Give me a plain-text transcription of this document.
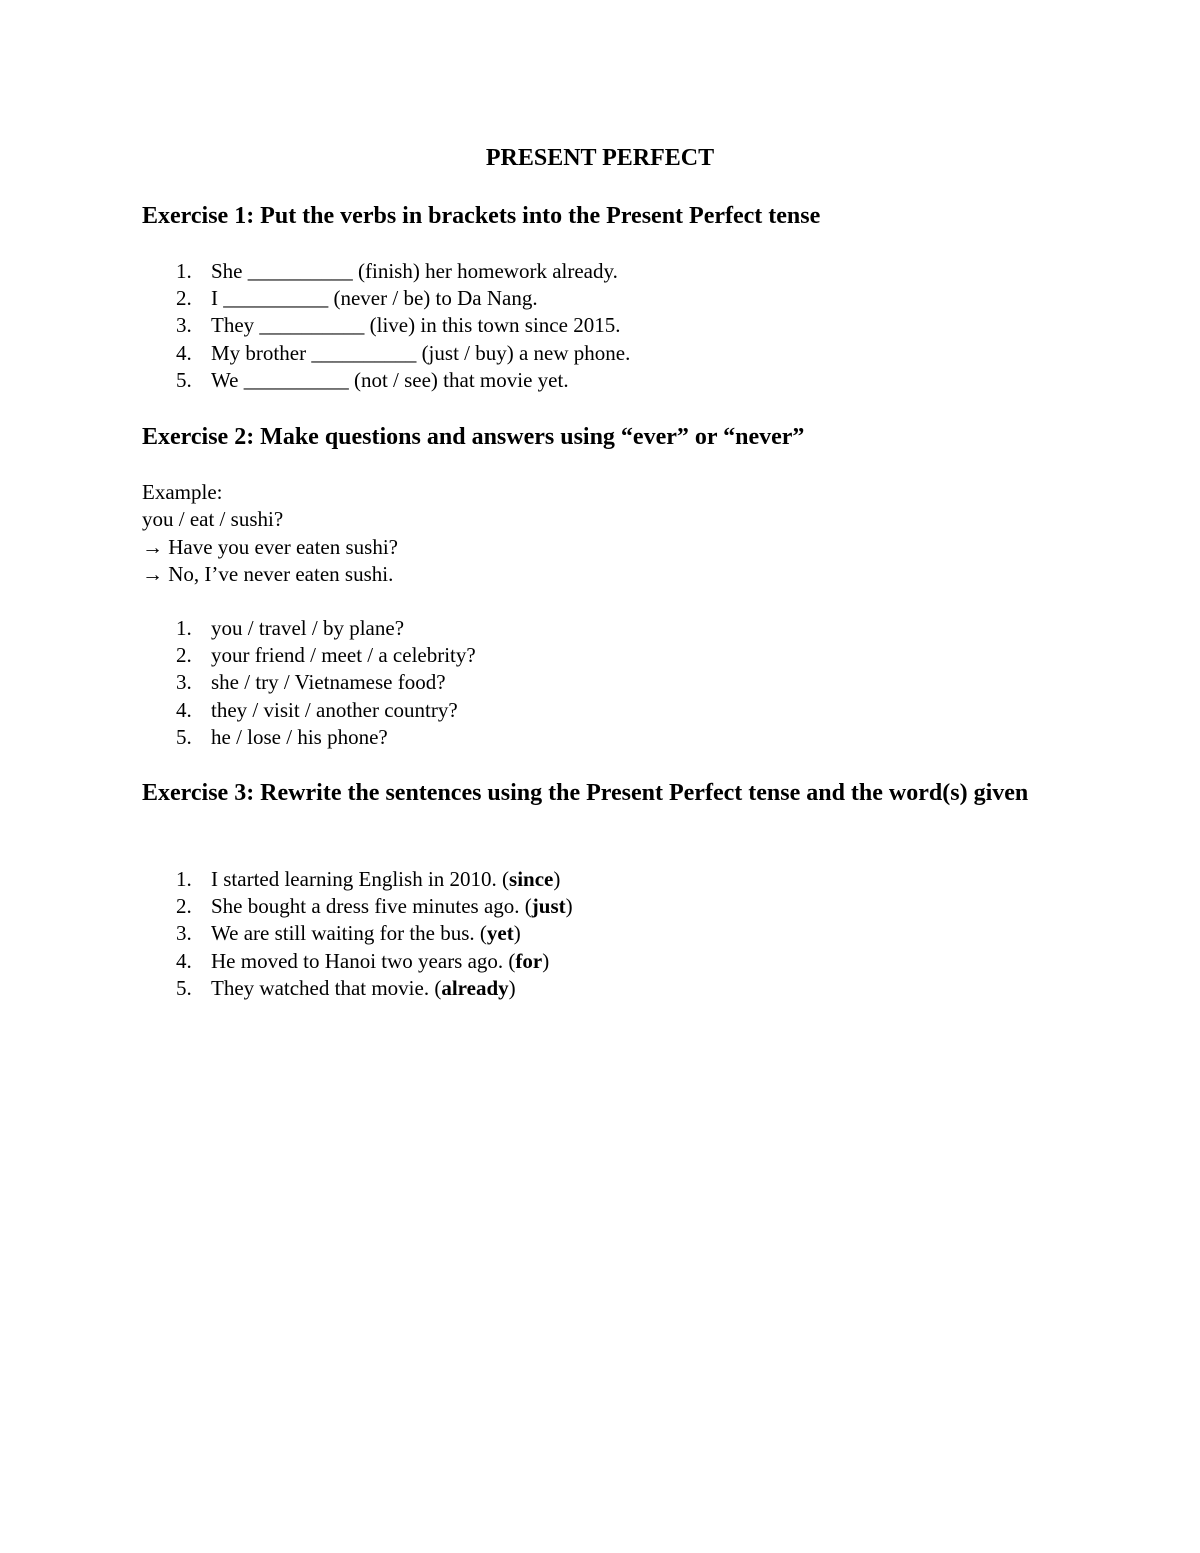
PRESENT PERFECT
Exercise 1: Put the verbs in brackets into the Present Perfect tense
1. She __________ (finish) her homework already.
2. I __________ (never / be) to Da Nang.
3. They __________ (live) in this town since 2015.
4. My brother __________ (just / buy) a new phone.
5. We __________ (not / see) that movie yet.
Exercise 2: Make questions and answers using “ever” or “never”
Example:
you / eat / sushi?
→ Have you ever eaten sushi?
→ No, I’ve never eaten sushi.
1. you / travel / by plane?
2. your friend / meet / a celebrity?
3. she / try / Vietnamese food?
4. they / visit / another country?
5. he / lose / his phone?
Exercise 3: Rewrite the sentences using the Present Perfect tense and the word(s) given
1. I started learning English in 2010. (since)
2. She bought a dress five minutes ago. (just)
3. We are still waiting for the bus. (yet)
4. He moved to Hanoi two years ago. (for)
5. They watched that movie. (already)
